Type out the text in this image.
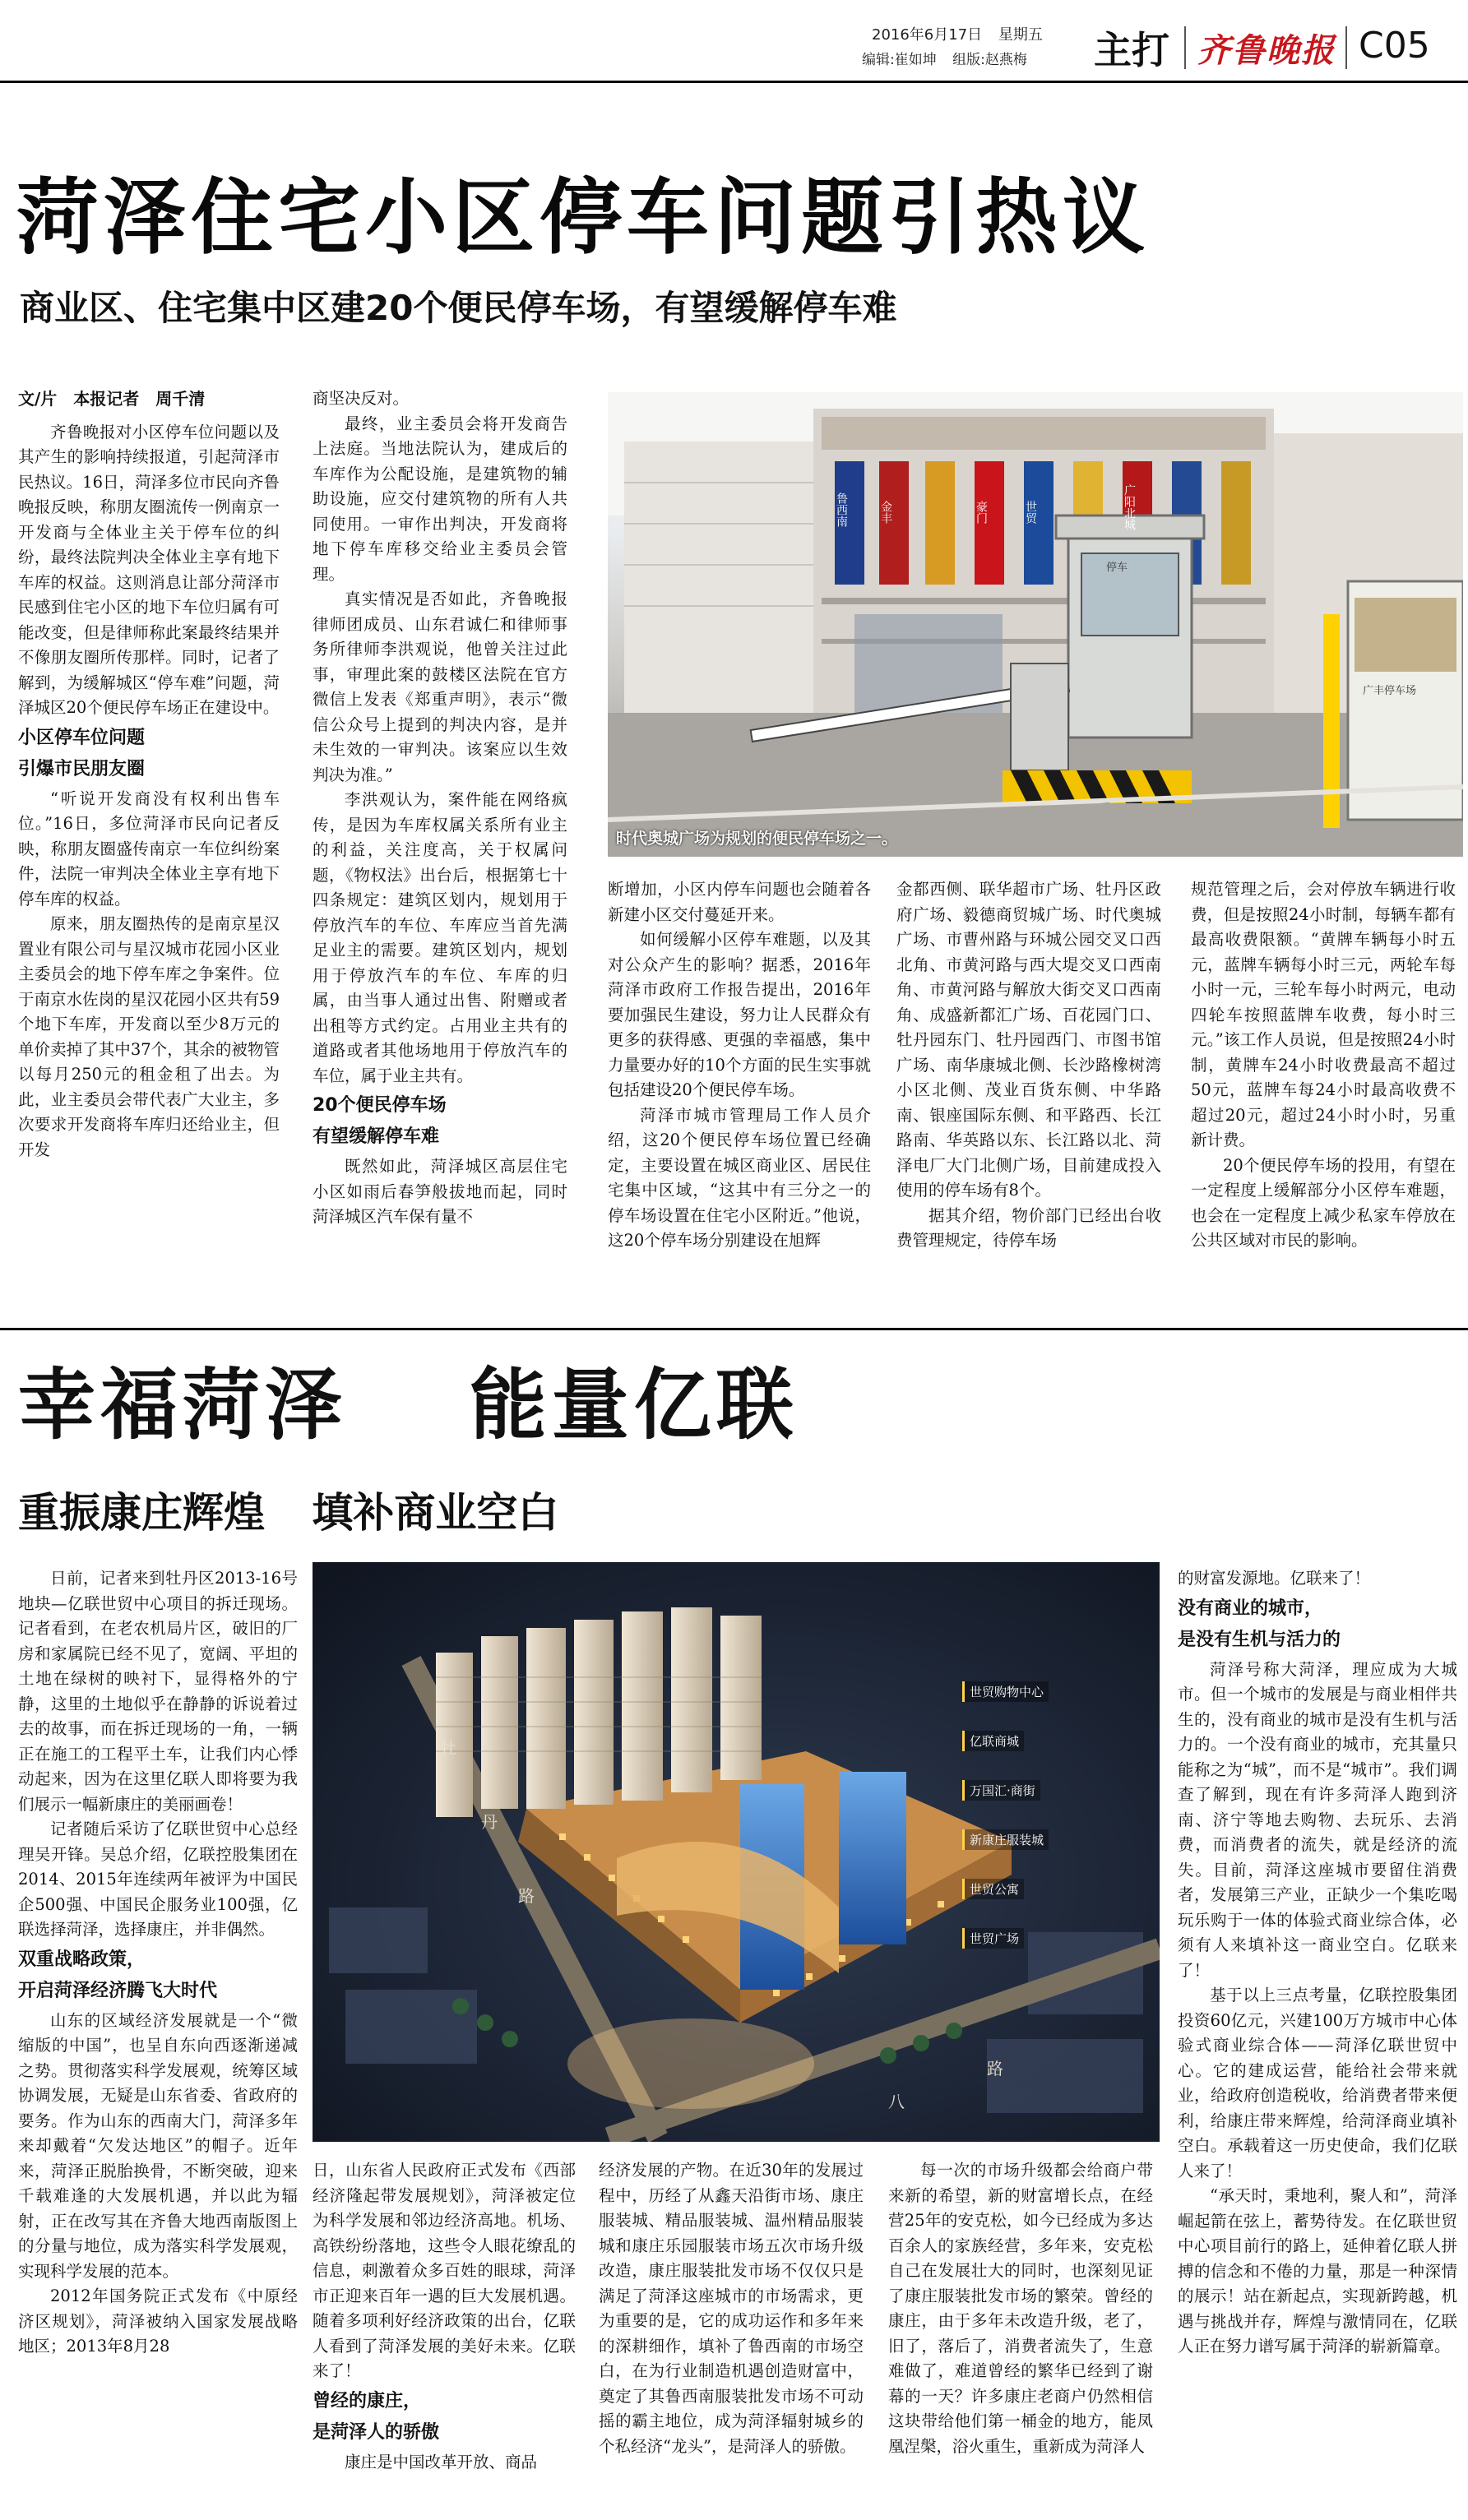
2016年6月17日 星期五
编辑:崔如坤 组版:赵燕梅 主打 齐鲁晚报 C05
菏泽住宅小区停车问题引热议
商业区、住宅集中区建20个便民停车场，有望缓解停车难
鲁西南	金丰	豪门	世贸	广阳北城
停车
广丰停车场
时代奥城广场为规划的便民停车场之一。

文/片　本报记者　周千清

齐鲁晚报对小区停车位问题以及其产生的影响持续报道，引起菏泽市民热议。16日，菏泽多位市民向齐鲁晚报反映，称朋友圈流传一例南京一开发商与全体业主关于停车位的纠纷，最终法院判决全体业主享有地下车库的权益。这则消息让部分菏泽市民感到住宅小区的地下车位归属有可能改变，但是律师称此案最终结果并不像朋友圈所传那样。同时，记者了解到，为缓解城区“停车难”问题，菏泽城区20个便民停车场正在建设中。

小区停车位问题

引爆市民朋友圈

“听说开发商没有权利出售车位。”16日，多位菏泽市民向记者反映，称朋友圈盛传南京一车位纠纷案件，法院一审判决全体业主享有地下停车库的权益。

原来，朋友圈热传的是南京星汉置业有限公司与星汉城市花园小区业主委员会的地下停车库之争案件。位于南京水佐岗的星汉花园小区共有59个地下车库，开发商以至少8万元的单价卖掉了其中37个，其余的被物管以每月250元的租金租了出去。为此，业主委员会带代表广大业主，多次要求开发商将车库归还给业主，但开发

商坚决反对。

最终，业主委员会将开发商告上法庭。当地法院认为，建成后的车库作为公配设施，是建筑物的辅助设施，应交付建筑物的所有人共同使用。一审作出判决，开发商将地下停车库移交给业主委员会管理。

真实情况是否如此，齐鲁晚报律师团成员、山东君诚仁和律师事务所律师李洪观说，他曾关注过此事，审理此案的鼓楼区法院在官方微信上发表《郑重声明》，表示“微信公众号上提到的判决内容，是并未生效的一审判决。该案应以生效判决为准。”

李洪观认为，案件能在网络疯传，是因为车库权属关系所有业主的利益，关注度高，关于权属问题，《物权法》出台后，根据第七十四条规定：建筑区划内，规划用于停放汽车的车位、车库应当首先满足业主的需要。建筑区划内，规划用于停放汽车的车位、车库的归属，由当事人通过出售、附赠或者出租等方式约定。占用业主共有的道路或者其他场地用于停放汽车的车位，属于业主共有。

20个便民停车场

有望缓解停车难

既然如此，菏泽城区高层住宅小区如雨后春笋般拔地而起，同时菏泽城区汽车保有量不

断增加，小区内停车问题也会随着各新建小区交付蔓延开来。

如何缓解小区停车难题，以及其对公众产生的影响？据悉，2016年菏泽市政府工作报告提出，2016年要加强民生建设，努力让人民群众有更多的获得感、更强的幸福感，集中力量要办好的10个方面的民生实事就包括建设20个便民停车场。

菏泽市城市管理局工作人员介绍，这20个便民停车场位置已经确定，主要设置在城区商业区、居民住宅集中区域，“这其中有三分之一的停车场设置在住宅小区附近。”他说，这20个停车场分别建设在旭辉

金都西侧、联华超市广场、牡丹区政府广场、毅德商贸城广场、时代奥城广场、市曹州路与环城公园交叉口西北角、市黄河路与西大堤交叉口西南角、市黄河路与解放大街交叉口西南角、成盛新都汇广场、百花园门口、牡丹园东门、牡丹园西门、市图书馆广场、南华康城北侧、长沙路橡树湾小区北侧、茂业百货东侧、中华路南、银座国际东侧、和平路西、长江路南、华英路以东、长江路以北、菏泽电厂大门北侧广场，目前建成投入使用的停车场有8个。

据其介绍，物价部门已经出台收费管理规定，待停车场

规范管理之后，会对停放车辆进行收费，但是按照24小时制，每辆车都有最高收费限额。“黄牌车辆每小时五元，蓝牌车辆每小时三元，两轮车每小时一元，三轮车每小时两元，电动四轮车按照蓝牌车收费，每小时三元。”该工作人员说，但是按照24小时制，黄牌车24小时收费最高不超过50元，蓝牌车每24小时最高收费不超过20元，超过24小时小时，另重新计费。

20个便民停车场的投用，有望在一定程度上缓解部分小区停车难题，也会在一定程度上减少私家车停放在公共区域对市民的影响。

幸福菏泽 能量亿联
重振康庄辉煌 填补商业空白
世贸购物中心
亿联商城
万国汇·商街
新康庄服装城
世贸公寓
世贸广场
牡
丹
路
八
路

日前，记者来到牡丹区2013-16号地块—亿联世贸中心项目的拆迁现场。记者看到，在老农机局片区，破旧的厂房和家属院已经不见了，宽阔、平坦的土地在绿树的映衬下，显得格外的宁静，这里的土地似乎在静静的诉说着过去的故事，而在拆迁现场的一角，一辆正在施工的工程平土车，让我们内心悸动起来，因为在这里亿联人即将要为我们展示一幅新康庄的美丽画卷！

记者随后采访了亿联世贸中心总经理吴开锋。吴总介绍，亿联控股集团在2014、2015年连续两年被评为中国民企500强、中国民企服务业100强，亿联选择菏泽，选择康庄，并非偶然。

双重战略政策，

开启菏泽经济腾飞大时代

山东的区域经济发展就是一个“微缩版的中国”，也呈自东向西逐渐递减之势。贯彻落实科学发展观，统筹区域协调发展，无疑是山东省委、省政府的要务。作为山东的西南大门，菏泽多年来却戴着“欠发达地区”的帽子。近年来，菏泽正脱胎换骨，不断突破，迎来千载难逢的大发展机遇，并以此为辐射，正在改写其在齐鲁大地西南版图上的分量与地位，成为落实科学发展观，实现科学发展的范本。

2012年国务院正式发布《中原经济区规划》，菏泽被纳入国家发展战略地区；2013年8月28

日，山东省人民政府正式发布《西部经济隆起带发展规划》，菏泽被定位为科学发展和邻边经济高地。机场、高铁纷纷落地，这些令人眼花缭乱的信息，刺激着众多百姓的眼球，菏泽市正迎来百年一遇的巨大发展机遇。随着多项利好经济政策的出台，亿联人看到了菏泽发展的美好未来。亿联来了！

曾经的康庄，

是菏泽人的骄傲

康庄是中国改革开放、商品

经济发展的产物。在近30年的发展过程中，历经了从鑫天沿街市场、康庄服装城、精品服装城、温州精品服装城和康庄乐园服装市场五次市场升级改造，康庄服装批发市场不仅仅只是满足了菏泽这座城市的市场需求，更为重要的是，它的成功运作和多年来的深耕细作，填补了鲁西南的市场空白，在为行业制造机遇创造财富中，奠定了其鲁西南服装批发市场不可动摇的霸主地位，成为菏泽辐射城乡的个私经济“龙头”，是菏泽人的骄傲。

每一次的市场升级都会给商户带来新的希望，新的财富增长点，在经营25年的安克松，如今已经成为多达百余人的家族经营，多年来，安克松自己在发展壮大的同时，也深刻见证了康庄服装批发市场的繁荣。曾经的康庄，由于多年未改造升级，老了，旧了，落后了，消费者流失了，生意难做了，难道曾经的繁华已经到了谢幕的一天？许多康庄老商户仍然相信这块带给他们第一桶金的地方，能凤凰涅槃，浴火重生，重新成为菏泽人

的财富发源地。亿联来了！

没有商业的城市，

是没有生机与活力的

菏泽号称大菏泽，理应成为大城市。但一个城市的发展是与商业相伴共生的，没有商业的城市是没有生机与活力的。一个没有商业的城市，充其量只能称之为“城”，而不是“城市”。我们调查了解到，现在有许多菏泽人跑到济南、济宁等地去购物、去玩乐、去消费，而消费者的流失，就是经济的流失。目前，菏泽这座城市要留住消费者，发展第三产业，正缺少一个集吃喝玩乐购于一体的体验式商业综合体，必须有人来填补这一商业空白。亿联来了！

基于以上三点考量，亿联控股集团投资60亿元，兴建100万方城市中心体验式商业综合体——菏泽亿联世贸中心。它的建成运营，能给社会带来就业，给政府创造税收，给消费者带来便利，给康庄带来辉煌，给菏泽商业填补空白。承载着这一历史使命，我们亿联人来了！

“承天时，秉地利，聚人和”，菏泽崛起箭在弦上，蓄势待发。在亿联世贸中心项目前行的路上，延伸着亿联人拼搏的信念和不倦的力量，那是一种深情的展示！站在新起点，实现新跨越，机遇与挑战并存，辉煌与激情同在，亿联人正在努力谱写属于菏泽的崭新篇章。
